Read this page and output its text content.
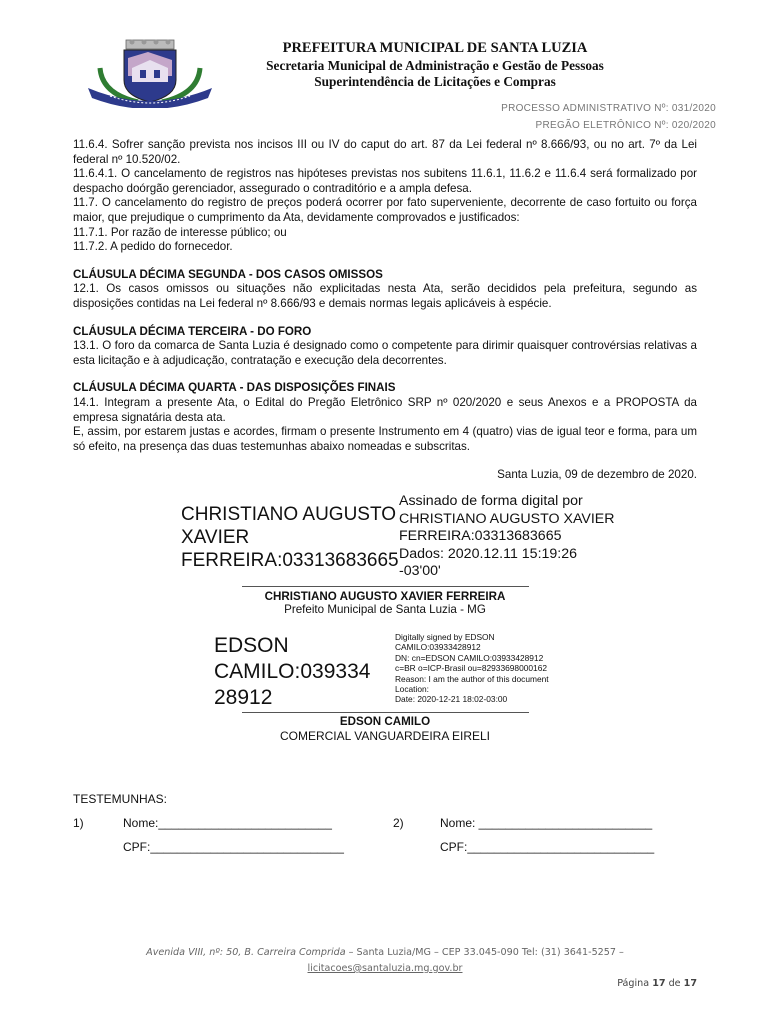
PREFEITURA MUNICIPAL DE SANTA LUZIA
Secretaria Municipal de Administração e Gestão de Pessoas
Superintendência de Licitações e Compras
PROCESSO ADMINISTRATIVO Nº: 031/2020
PREGÃO ELETRÔNICO Nº: 020/2020

11.6.4. Sofrer sanção prevista nos incisos III ou IV do caput do art. 87 da Lei federal nº 8.666/93, ou no art. 7º da Lei federal nº 10.520/02.

11.6.4.1. O cancelamento de registros nas hipóteses previstas nos subitens 11.6.1, 11.6.2 e 11.6.4 será formalizado por despacho doórgão gerenciador, assegurado o contraditório e a ampla defesa.

11.7. O cancelamento do registro de preços poderá ocorrer por fato superveniente, decorrente de caso fortuito ou força maior, que prejudique o cumprimento da Ata, devidamente comprovados e justificados:

11.7.1. Por razão de interesse público; ou

11.7.2. A pedido do fornecedor.

CLÁUSULA DÉCIMA SEGUNDA - DOS CASOS OMISSOS

12.1. Os casos omissos ou situações não explicitadas nesta Ata, serão decididos pela prefeitura, segundo as disposições contidas na Lei federal nº 8.666/93 e demais normas legais aplicáveis à espécie.

CLÁUSULA DÉCIMA TERCEIRA - DO FORO

13.1. O foro da comarca de Santa Luzia é designado como o competente para dirimir quaisquer controvérsias relativas a esta licitação e à adjudicação, contratação e execução dela decorrentes.

CLÁUSULA DÉCIMA QUARTA - DAS DISPOSIÇÕES FINAIS

14.1. Integram a presente Ata, o Edital do Pregão Eletrônico SRP nº 020/2020 e seus Anexos e a PROPOSTA da empresa signatária desta ata.

E, assim, por estarem justas e acordes, firmam o presente Instrumento em 4 (quatro) vias de igual teor e forma, para um só efeito, na presença das duas testemunhas abaixo nomeadas e subscritas.

Santa Luzia, 09 de dezembro de 2020.
CHRISTIANO AUGUSTO
XAVIER
FERREIRA:03313683665
Assinado de forma digital por
CHRISTIANO AUGUSTO XAVIER
FERREIRA:03313683665
Dados: 2020.12.11 15:19:26
-03'00'
CHRISTIANO AUGUSTO XAVIER FERREIRA
Prefeito Municipal de Santa Luzia - MG
EDSON
CAMILO:039334
28912
Digitally signed by EDSON
CAMILO:03933428912
DN: cn=EDSON CAMILO:03933428912
c=BR o=ICP-Brasil ou=82933698000162
Reason: I am the author of this document
Location:
Date: 2020-12-21 18:02-03:00
EDSON CAMILO
COMERCIAL VANGUARDEIRA EIRELI
TESTEMUNHAS:
1)	Nome:__________________________
CPF:_____________________________
2)	Nome: __________________________
CPF:____________________________
Avenida VIII, nº: 50, B. Carreira Comprida – Santa Luzia/MG – CEP 33.045-090 Tel: (31) 3641-5257 –
licitacoes@santaluzia.mg.gov.br
Página 17 de 17
